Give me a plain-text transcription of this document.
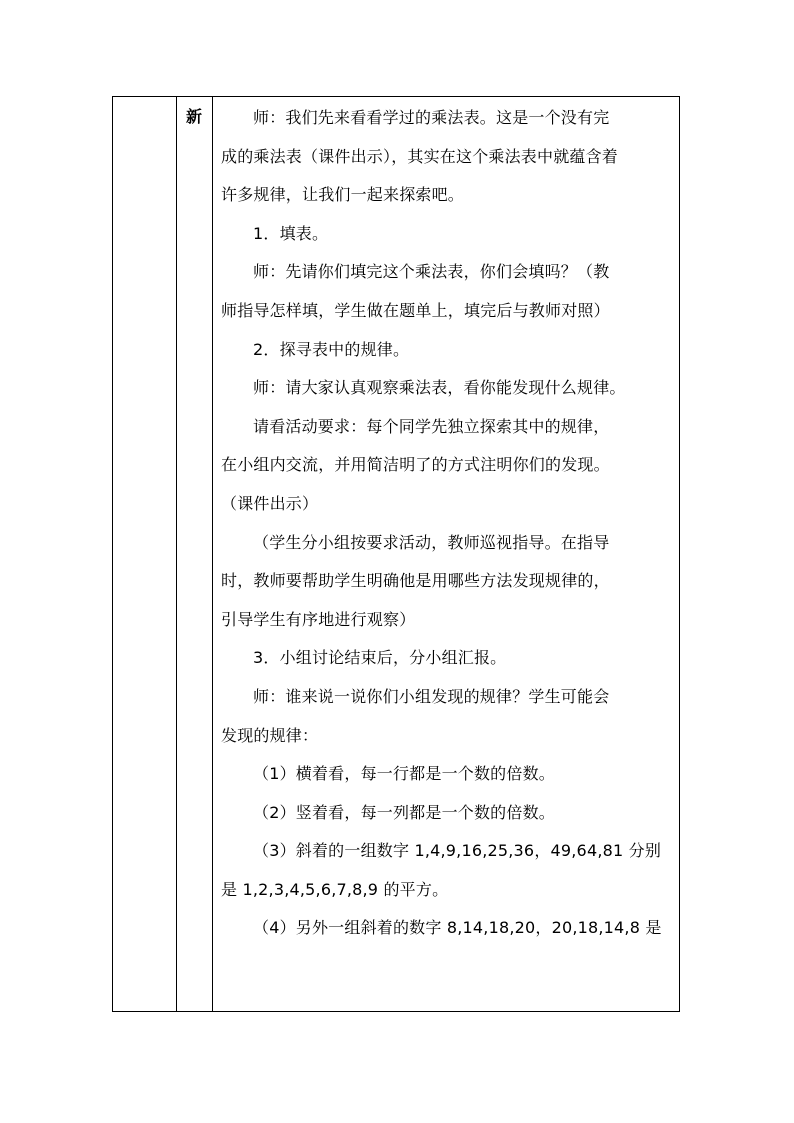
新	师：我们先来看看学过的乘法表。这是一个没有完
成的乘法表（课件出示），其实在这个乘法表中就蕴含着
许多规律，让我们一起来探索吧。
1．填表。
师：先请你们填完这个乘法表，你们会填吗？（教
师指导怎样填，学生做在题单上，填完后与教师对照）
2．探寻表中的规律。
师：请大家认真观察乘法表，看你能发现什么规律。
请看活动要求：每个同学先独立探索其中的规律，
在小组内交流，并用简洁明了的方式注明你们的发现。
（课件出示）
（学生分小组按要求活动，教师巡视指导。在指导
时，教师要帮助学生明确他是用哪些方法发现规律的，
引导学生有序地进行观察）
3．小组讨论结束后，分小组汇报。
师：谁来说一说你们小组发现的规律？学生可能会
发现的规律：
（1）横着看，每一行都是一个数的倍数。
（2）竖着看，每一列都是一个数的倍数。
（3）斜着的一组数字 1,4,9,16,25,36，49,64,81 分别
是 1,2,3,4,5,6,7,8,9 的平方。
（4）另外一组斜着的数字 8,14,18,20，20,18,14,8 是
